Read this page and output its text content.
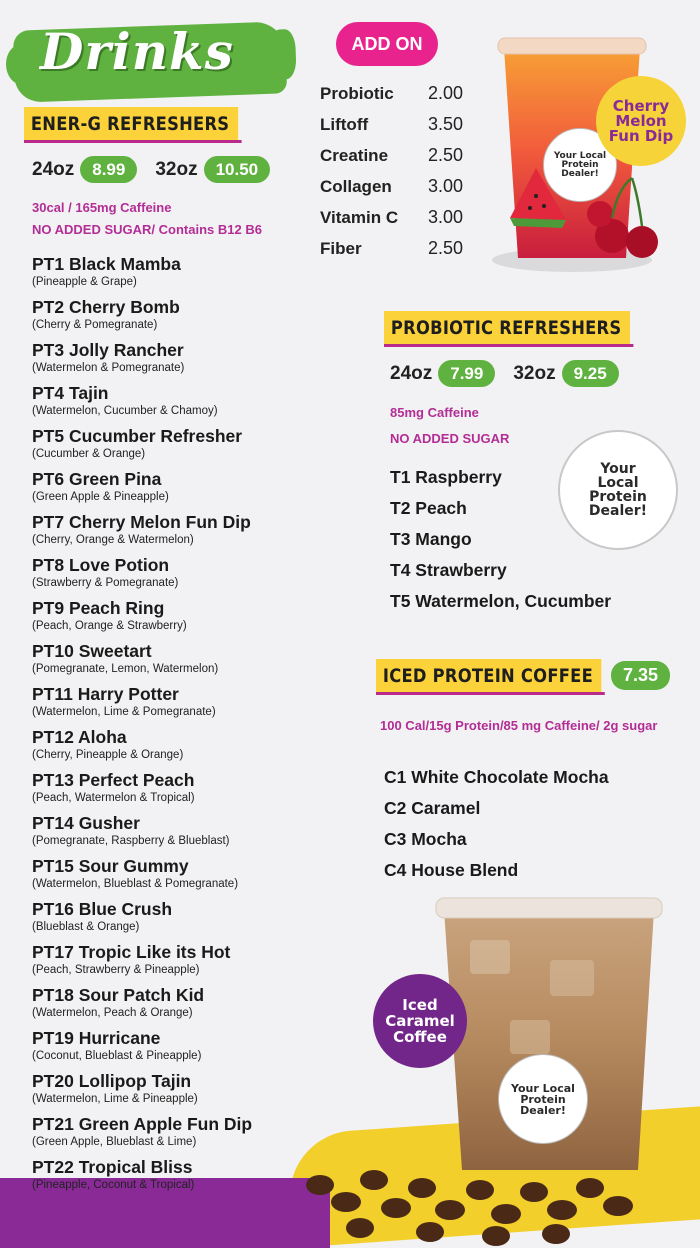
Drinks
ENER-G REFRESHERS
24oz	8.99	32oz	10.50
30cal / 165mg Caffeine
NO ADDED SUGAR/ Contains B12 B6
PT1 Black Mamba
(Pineapple & Grape)
PT2 Cherry Bomb
(Cherry & Pomegranate)
PT3 Jolly Rancher
(Watermelon & Pomegranate)
PT4 Tajin
(Watermelon, Cucumber & Chamoy)
PT5 Cucumber Refresher
(Cucumber & Orange)
PT6 Green Pina
(Green Apple & Pineapple)
PT7 Cherry Melon Fun Dip
(Cherry, Orange & Watermelon)
PT8 Love Potion
(Strawberry & Pomegranate)
PT9 Peach Ring
(Peach, Orange & Strawberry)
PT10 Sweetart
(Pomegranate, Lemon, Watermelon)
PT11 Harry Potter
(Watermelon, Lime & Pomegranate)
PT12 Aloha
(Cherry, Pineapple & Orange)
PT13 Perfect Peach
(Peach, Watermelon & Tropical)
PT14 Gusher
(Pomegranate, Raspberry & Blueblast)
PT15 Sour Gummy
(Watermelon, Blueblast & Pomegranate)
PT16 Blue Crush
(Blueblast & Orange)
PT17 Tropic Like its Hot
(Peach, Strawberry & Pineapple)
PT18 Sour Patch Kid
(Watermelon, Peach & Orange)
PT19 Hurricane
(Coconut, Blueblast & Pineapple)
PT20 Lollipop Tajin
(Watermelon, Lime & Pineapple)
PT21 Green Apple Fun Dip
(Green Apple, Blueblast & Lime)
PT22 Tropical Bliss
(Pineapple, Coconut & Tropical)
ADD ON
Probiotic	2.00
Liftoff	3.50
Creatine	2.50
Collagen	3.00
Vitamin C	3.00
Fiber	2.50
Your Local Protein Dealer!
Cherry Melon Fun Dip
PROBIOTIC REFRESHERS
24oz	7.99	32oz	9.25
85mg Caffeine
NO ADDED SUGAR
T1 Raspberry
T2 Peach
T3 Mango
T4 Strawberry
T5 Watermelon, Cucumber
Your Local Protein Dealer!
ICED PROTEIN COFFEE	7.35
100 Cal/15g Protein/85 mg Caffeine/ 2g sugar
C1 White Chocolate Mocha
C2 Caramel
C3 Mocha
C4 House Blend
Your Local Protein Dealer!
Iced Caramel Coffee
